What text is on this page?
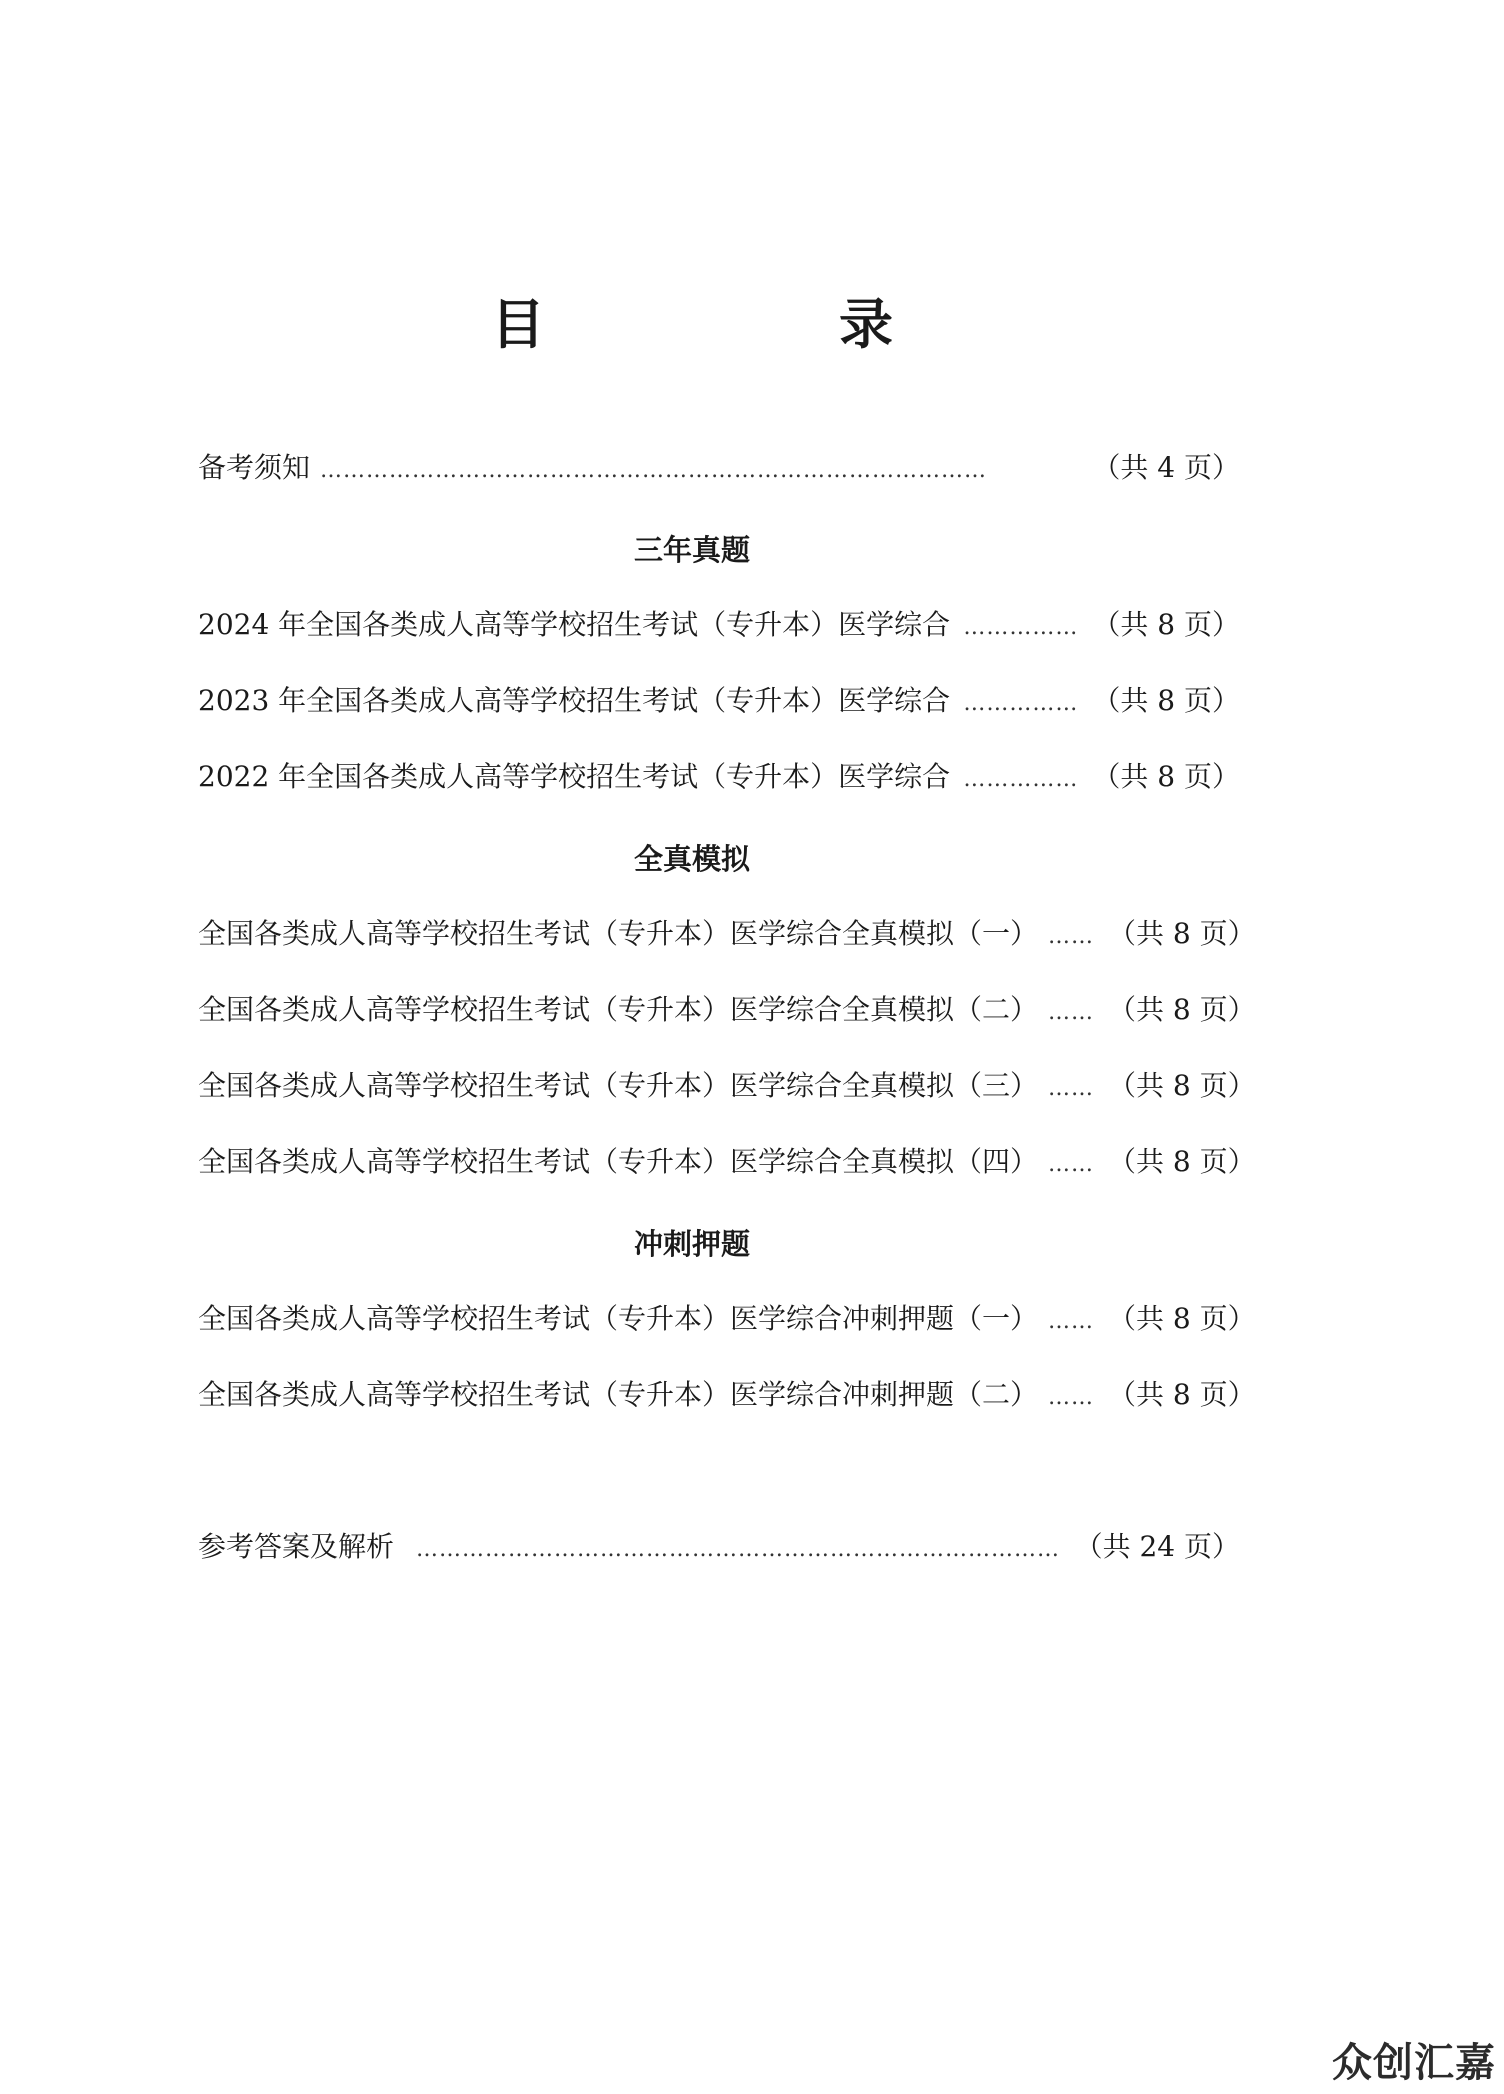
目　录
备考须知 ……………………………………………………………………………	（共 4 页）
三年真题
2024 年全国各类成人高等学校招生考试（专升本）医学综合 …………… （共 8 页）
2023 年全国各类成人高等学校招生考试（专升本）医学综合 …………… （共 8 页）
2022 年全国各类成人高等学校招生考试（专升本）医学综合 …………… （共 8 页）
全真模拟
全国各类成人高等学校招生考试（专升本）医学综合全真模拟（一） …… （共 8 页）
全国各类成人高等学校招生考试（专升本）医学综合全真模拟（二） …… （共 8 页）
全国各类成人高等学校招生考试（专升本）医学综合全真模拟（三） …… （共 8 页）
全国各类成人高等学校招生考试（专升本）医学综合全真模拟（四） …… （共 8 页）
冲刺押题
全国各类成人高等学校招生考试（专升本）医学综合冲刺押题（一） …… （共 8 页）
全国各类成人高等学校招生考试（专升本）医学综合冲刺押题（二） …… （共 8 页）
参考答案及解析 ………………………………………………………………………… （共 24 页）
众创汇嘉
